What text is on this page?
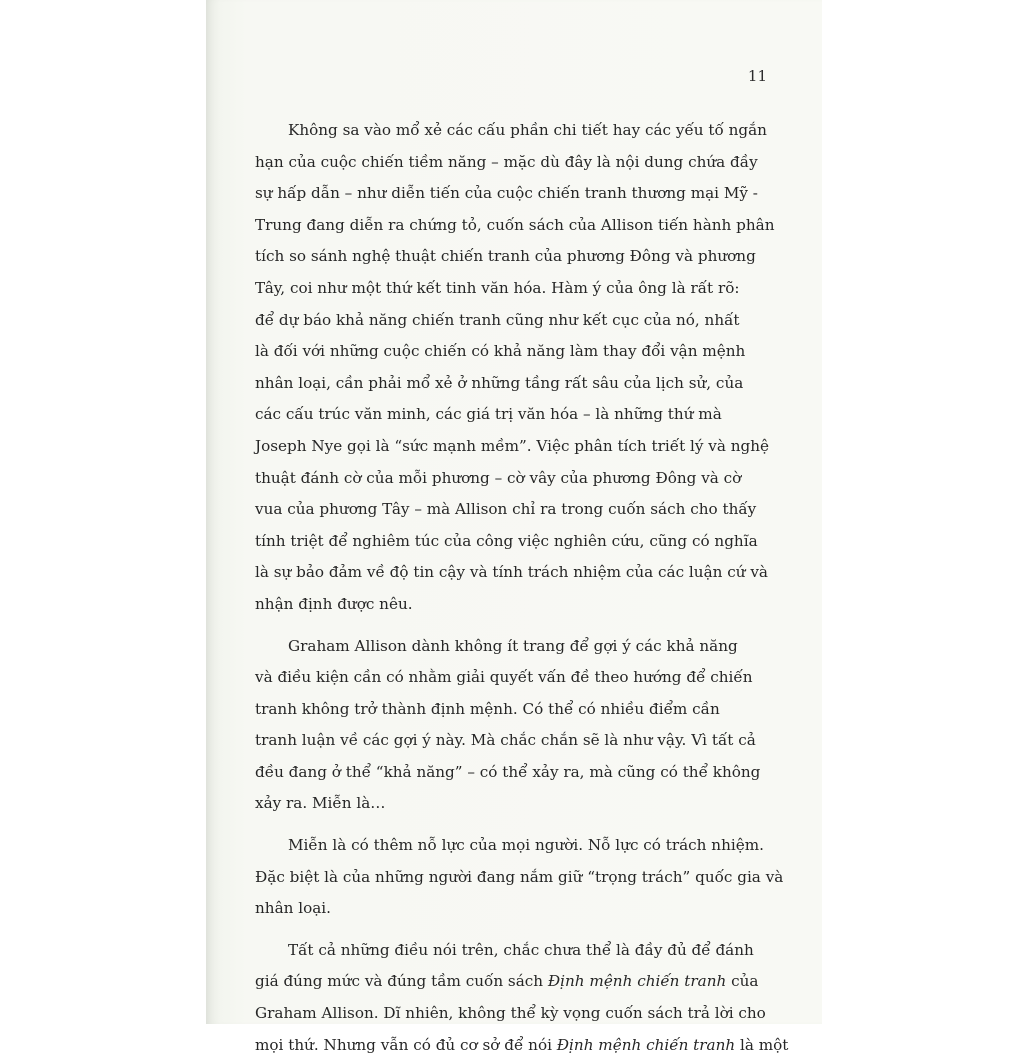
11

Không sa vào mổ xẻ các cấu phần chi tiết hay các yếu tố ngắn
hạn của cuộc chiến tiềm năng – mặc dù đây là nội dung chứa đầy
sự hấp dẫn – như diễn tiến của cuộc chiến tranh thương mại Mỹ -
Trung đang diễn ra chứng tỏ, cuốn sách của Allison tiến hành phân
tích so sánh nghệ thuật chiến tranh của phương Đông và phương
Tây, coi như một thứ kết tinh văn hóa. Hàm ý của ông là rất rõ:
để dự báo khả năng chiến tranh cũng như kết cục của nó, nhất
là đối với những cuộc chiến có khả năng làm thay đổi vận mệnh
nhân loại, cần phải mổ xẻ ở những tầng rất sâu của lịch sử, của
các cấu trúc văn minh, các giá trị văn hóa – là những thứ mà
Joseph Nye gọi là “sức mạnh mềm”. Việc phân tích triết lý và nghệ
thuật đánh cờ của mỗi phương – cờ vây của phương Đông và cờ
vua của phương Tây – mà Allison chỉ ra trong cuốn sách cho thấy
tính triệt để nghiêm túc của công việc nghiên cứu, cũng có nghĩa
là sự bảo đảm về độ tin cậy và tính trách nhiệm của các luận cứ và
nhận định được nêu.

Graham Allison dành không ít trang để gợi ý các khả năng
và điều kiện cần có nhằm giải quyết vấn đề theo hướng để chiến
tranh không trở thành định mệnh. Có thể có nhiều điểm cần
tranh luận về các gợi ý này. Mà chắc chắn sẽ là như vậy. Vì tất cả
đều đang ở thể “khả năng” – có thể xảy ra, mà cũng có thể không
xảy ra. Miễn là…

Miễn là có thêm nỗ lực của mọi người. Nỗ lực có trách nhiệm.
Đặc biệt là của những người đang nắm giữ “trọng trách” quốc gia và
nhân loại.

Tất cả những điều nói trên, chắc chưa thể là đầy đủ để đánh
giá đúng mức và đúng tầm cuốn sách Định mệnh chiến tranh của
Graham Allison. Dĩ nhiên, không thể kỳ vọng cuốn sách trả lời cho
mọi thứ. Nhưng vẫn có đủ cơ sở để nói Định mệnh chiến tranh là một
